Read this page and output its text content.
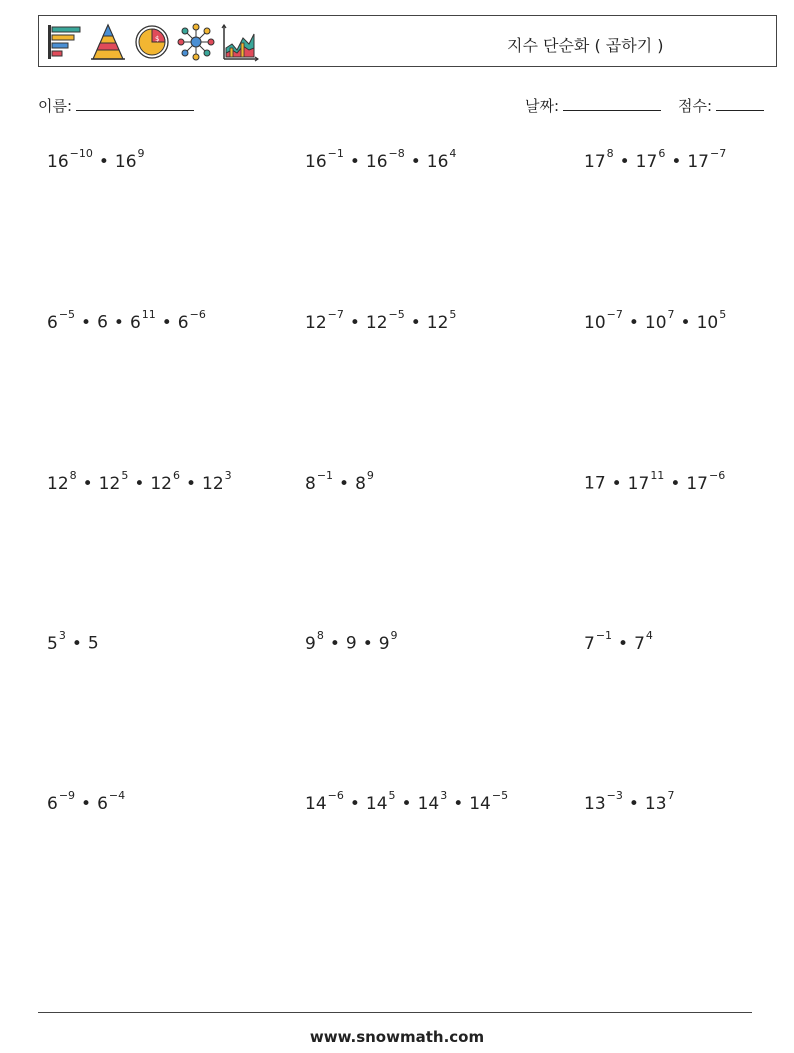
$	지수 단순화 ( 곱하기 )
이름:	날짜:	점수:
$16^{-10}$ • $16^9$	$16^{-1}$ • $16^{-8}$ • $16^4$	$17^8$ • $17^6$ • $17^{-7}$
$6^{-5}$ • 6 • $6^{11}$ • $6^{-6}$	$12^{-7}$ • $12^{-5}$ • $12^5$	$10^{-7}$ • $10^7$ • $10^5$
$12^8$ • $12^5$ • $12^6$ • $12^3$	$8^{-1}$ • $8^9$	17 • $17^{11}$ • $17^{-6}$
$5^3$ • 5	$9^8$ • 9 • $9^9$	$7^{-1}$ • $7^4$
$6^{-9}$ • $6^{-4}$	$14^{-6}$ • $14^5$ • $14^3$ • $14^{-5}$	$13^{-3}$ • $13^7$
www.snowmath.com
